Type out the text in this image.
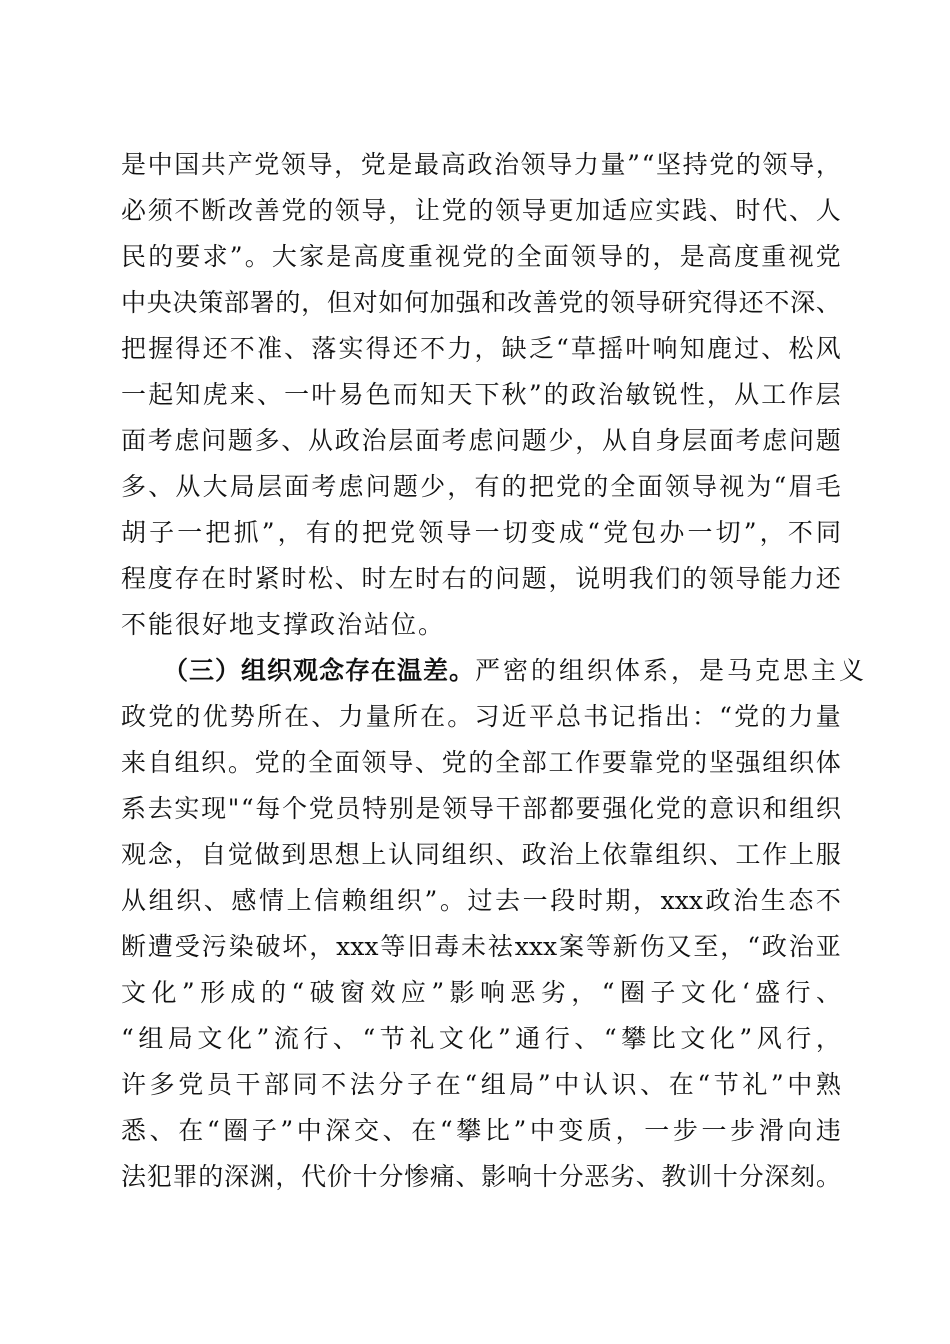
是 中 国 共 产 党 领 导 ， 党 是 最 高 政 治 领 导 力 量 ” “ 坚 持 党 的 领 导 ，
必 须 不 断 改 善 党 的 领 导 ， 让 党 的 领 导 更 加 适 应 实 践 、 时 代 、 人
民 的 要 求 ” 。 大 家 是 高 度 重 视 党 的 全 面 领 导 的 ， 是 高 度 重 视 党
中 央 决 策 部 署 的 ， 但 对 如 何 加 强 和 改 善 党 的 领 导 研 究 得 还 不 深 、
把 握 得 还 不 准 、 落 实 得 还 不 力 ， 缺 乏 “ 草 摇 叶 响 知 鹿 过 、 松 风
一 起 知 虎 来 、 一 叶 易 色 而 知 天 下 秋 ” 的 政 治 敏 锐 性 ， 从 工 作 层
面 考 虑 问 题 多 、 从 政 治 层 面 考 虑 问 题 少 ， 从 自 身 层 面 考 虑 问 题
多 、 从 大 局 层 面 考 虑 问 题 少 ， 有 的 把 党 的 全 面 领 导 视 为 “ 眉 毛
胡 子 一 把 抓 ” ， 有 的 把 党 领 导 一 切 变 成 “ 党 包 办 一 切 ” ， 不 同
程 度 存 在 时 紧 时 松 、 时 左 时 右 的 问 题 ， 说 明 我 们 的 领 导 能 力 还
不能很好地支撑政治站位。
（三）组织观念存在温差。 严密的组织体系，是马克思主义
政 党 的 优 势 所 在 、 力 量 所 在 。 习 近 平 总 书 记 指 出 ： “ 党 的 力 量
来 自 组 织 。 党 的 全 面 领 导 、 党 的 全 部 工 作 要 靠 党 的 坚 强 组 织 体
系 去 实 现 " “ 每 个 党 员 特 别 是 领 导 干 部 都 要 强 化 党 的 意 识 和 组 织
观 念 ， 自 觉 做 到 思 想 上 认 同 组 织 、 政 治 上 依 靠 组 织 、 工 作 上 服
从 组 织 、 感 情 上 信 赖 组 织 ” 。 过 去 一 段 时 期 ， xxx 政 治 生 态 不
断 遭 受 污 染 破 坏 ， xxx 等 旧 毒 未 祛 xxx 案 等 新 伤 又 至 ， “ 政 治 亚
文 化 ” 形 成 的 “ 破 窗 效 应 ” 影 响 恶 劣 ， “ 圈 子 文 化 ‘ 盛 行 、
“ 组 局 文 化 ” 流 行 、 “ 节 礼 文 化 ” 通 行 、 “ 攀 比 文 化 ” 风 行 ，
许 多 党 员 干 部 同 不 法 分 子 在 “ 组 局 ” 中 认 识 、 在 “ 节 礼 ” 中 熟
悉 、 在 “ 圈 子 ” 中 深 交 、 在 “ 攀 比 ” 中 变 质 ， 一 步 一 步 滑 向 违
法 犯 罪 的 深 渊 ， 代 价 十 分 惨 痛 、 影 响 十 分 恶 劣 、 教 训 十 分 深 刻 。
